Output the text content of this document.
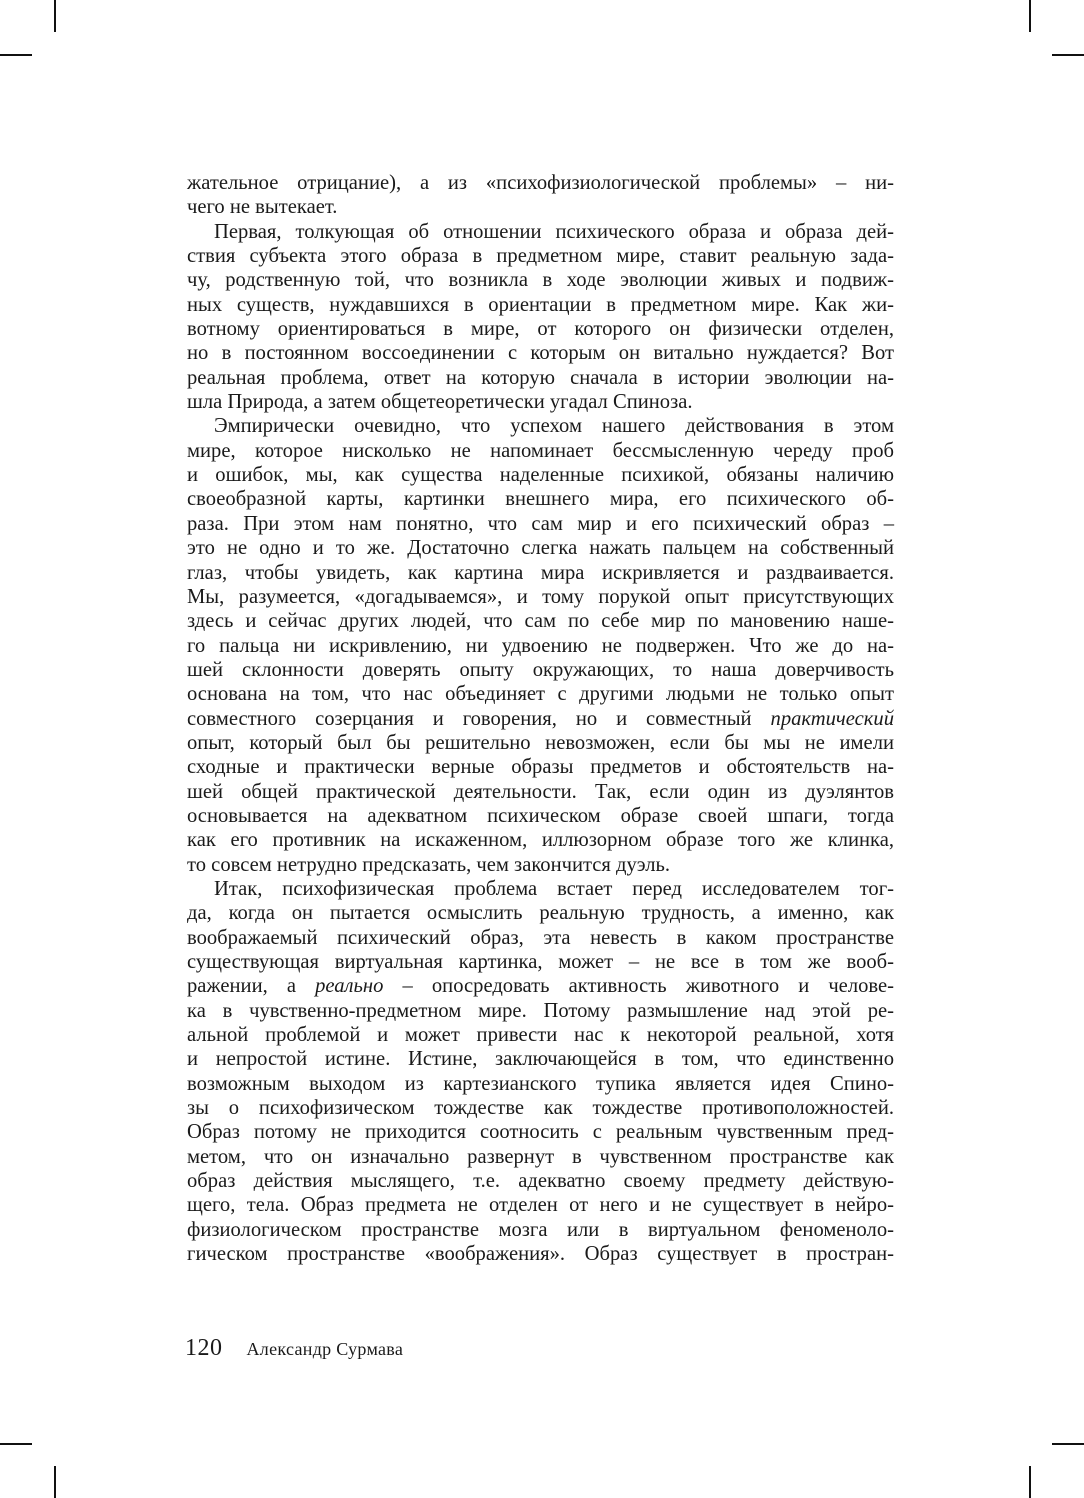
жательное отрицание), а из «психофизиологической проблемы» – ни-
чего не вытекает.
Первая, толкующая об отношении психического образа и образа дей-
ствия субъекта этого образа в предметном мире, ставит реальную зада-
чу, родственную той, что возникла в ходе эволюции живых и подвиж-
ных существ, нуждавшихся в ориентации в предметном мире. Как жи-
вотному ориентироваться в мире, от которого он физически отделен,
но в постоянном воссоединении с которым он витально нуждается? Вот
реальная проблема, ответ на которую сначала в истории эволюции на-
шла Природа, а затем общетеоретически угадал Спиноза.
Эмпирически очевидно, что успехом нашего действования в этом
мире, которое нисколько не напоминает бессмысленную череду проб
и ошибок, мы, как существа наделенные психикой, обязаны наличию
своеобразной карты, картинки внешнего мира, его психического об-
раза. При этом нам понятно, что сам мир и его психический образ –
это не одно и то же. Достаточно слегка нажать пальцем на собственный
глаз, чтобы увидеть, как картина мира искривляется и раздваивается.
Мы, разумеется, «догадываемся», и тому порукой опыт присутствующих
здесь и сейчас других людей, что сам по себе мир по мановению наше-
го пальца ни искривлению, ни удвоению не подвержен. Что же до на-
шей склонности доверять опыту окружающих, то наша доверчивость
основана на том, что нас объединяет с другими людьми не только опыт
совместного созерцания и говорения, но и совместный практический
опыт, который был бы решительно невозможен, если бы мы не имели
сходные и практически верные образы предметов и обстоятельств на-
шей общей практической деятельности. Так, если один из дуэлянтов
основывается на адекватном психическом образе своей шпаги, тогда
как его противник на искаженном, иллюзорном образе того же клинка,
то совсем нетрудно предсказать, чем закончится дуэль.
Итак, психофизическая проблема встает перед исследователем тог-
да, когда он пытается осмыслить реальную трудность, а именно, как
воображаемый психический образ, эта невесть в каком пространстве
существующая виртуальная картинка, может – не все в том же вооб-
ражении, а реально – опосредовать активность животного и челове-
ка в чувственно-предметном мире. Потому размышление над этой ре-
альной проблемой и может привести нас к некоторой реальной, хотя
и непростой истине. Истине, заключающейся в том, что единственно
возможным выходом из картезианского тупика является идея Спино-
зы о психофизическом тождестве как тождестве противоположностей.
Образ потому не приходится соотносить с реальным чувственным пред-
метом, что он изначально развернут в чувственном пространстве как
образ действия мыслящего, т.е. адекватно своему предмету действую-
щего, тела. Образ предмета не отделен от него и не существует в нейро-
физиологическом пространстве мозга или в виртуальном феноменоло-
гическом пространстве «воображения». Образ существует в простран-
120 Александр Сурмава
